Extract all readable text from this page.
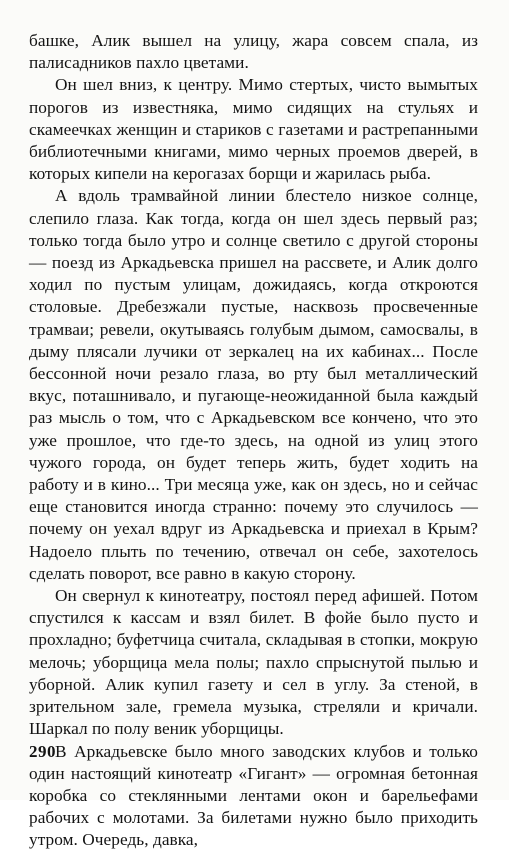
башке, Алик вышел на улицу, жара совсем спала, из палисадников пахло цветами.

Он шел вниз, к центру. Мимо стертых, чисто вымытых порогов из известняка, мимо сидящих на стульях и скамеечках женщин и стариков с газетами и растрепанными библиотечными книгами, мимо черных проемов дверей, в которых кипели на керогазах борщи и жарилась рыба.

А вдоль трамвайной линии блестело низкое солнце, слепило глаза. Как тогда, когда он шел здесь первый раз; только тогда было утро и солнце светило с другой стороны — поезд из Аркадьевска пришел на рассвете, и Алик долго ходил по пустым улицам, дожидаясь, когда откроются столовые. Дребезжали пустые, насквозь просвеченные трамваи; ревели, окутываясь голубым дымом, самосвалы, в дыму плясали лучики от зеркалец на их кабинах... После бессонной ночи резало глаза, во рту был металлический вкус, поташнивало, и пугающе-неожиданной была каждый раз мысль о том, что с Аркадьевском все кончено, что это уже прошлое, что где-то здесь, на одной из улиц этого чужого города, он будет теперь жить, будет ходить на работу и в кино... Три месяца уже, как он здесь, но и сейчас еще становится иногда странно: почему это случилось — почему он уехал вдруг из Аркадьевска и приехал в Крым? Надоело плыть по течению, отвечал он себе, захотелось сделать поворот, все равно в какую сторону.

Он свернул к кинотеатру, постоял перед афишей. Потом спустился к кассам и взял билет. В фойе было пусто и прохладно; буфетчица считала, складывая в стопки, мокрую мелочь; уборщица мела полы; пахло спрыснутой пылью и уборной. Алик купил газету и сел в углу. За стеной, в зрительном зале, гремела музыка, стреляли и кричали. Шаркал по полу веник уборщицы.

В Аркадьевске было много заводских клубов и только один настоящий кинотеатр «Гигант» — огромная бетонная коробка со стеклянными лентами окон и барельефами рабочих с молотами. За билетами нужно было приходить утром. Очередь, давка,

290
